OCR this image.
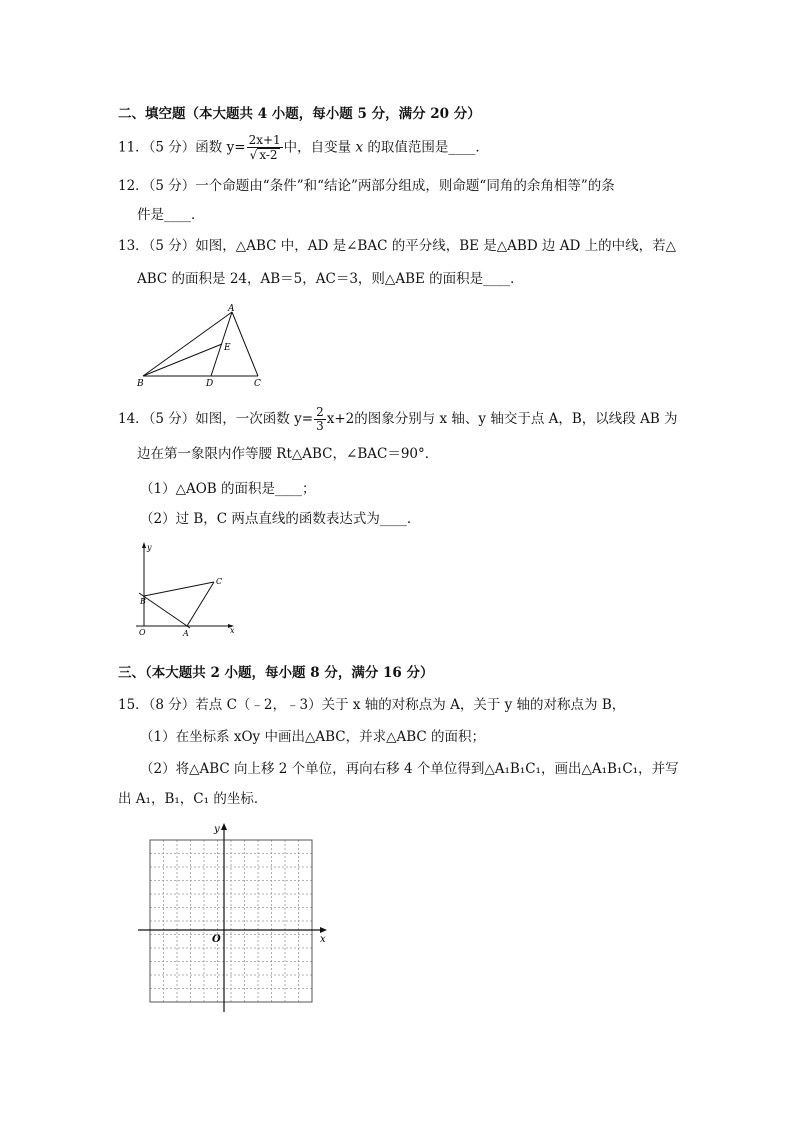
二、填空题（本大题共 4 小题，每小题 5 分，满分 20 分）
11．（5 分）函数 $y= \frac{2x+1}{√ x-2}$ 中，自变量 x 的取值范围是____．
12．（5 分）一个命题由“条件”和“结论”两部分组成，则命题“同角的余角相等”的条
件是____．
13．（5 分）如图，△ABC 中，AD 是∠BAC 的平分线，BE 是△ABD 边 AD 上的中线，若△
ABC 的面积是 24，AB＝5，AC＝3，则△ABE 的面积是____．
A
B	C
D
E
14．（5 分）如图，一次函数 $y= \frac{2}{3} x+2$的图象分别与 x 轴、y 轴交于点 A，B，以线段 AB 为
边在第一象限内作等腰 Rt△ABC，∠BAC＝90°．
（1）△AOB 的面积是____；
（2）过 B，C 两点直线的函数表达式为____．
y
x
O	A
B
C
三、（本大题共 2 小题，每小题 8 分，满分 16 分）
15．（8 分）若点 C（﹣2，﹣3）关于 x 轴的对称点为 A，关于 y 轴的对称点为 B，
（1）在坐标系 xOy 中画出△ABC，并求△ABC 的面积；
（2）将△ABC 向上移 2 个单位，再向右移 4 个单位得到△A₁B₁C₁，画出△A₁B₁C₁，并写
出 A₁，B₁，C₁ 的坐标．
y
x
O
